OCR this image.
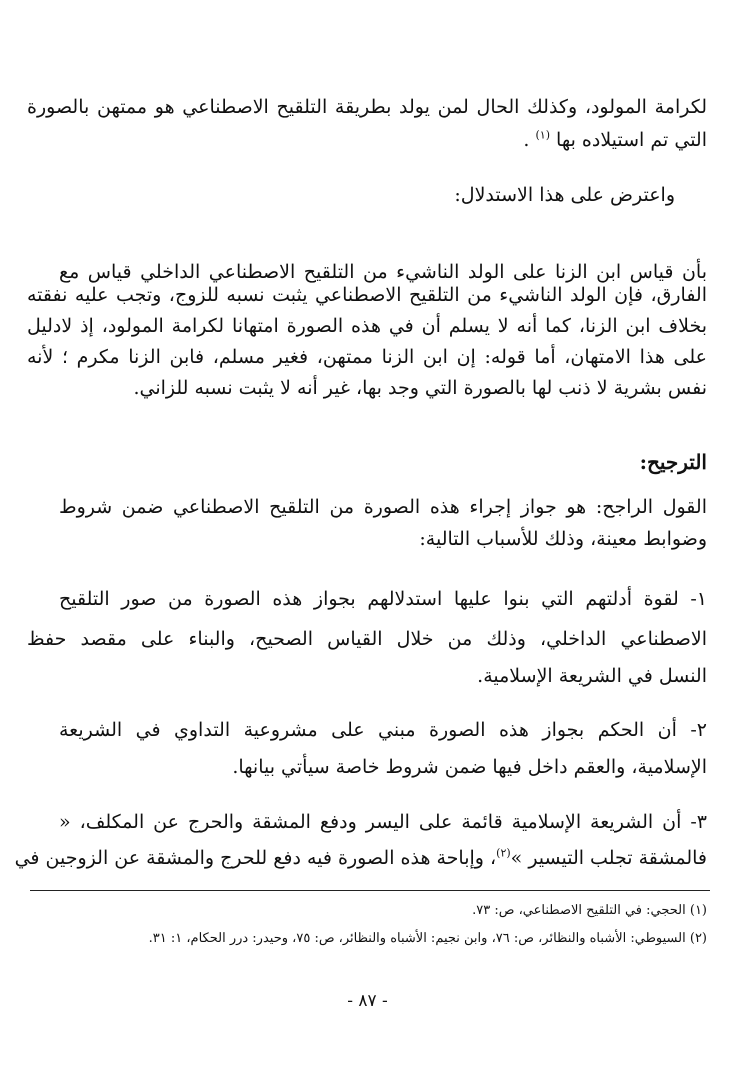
لكرامة المولود، وكذلك الحال لمن يولد بطريقة التلقيح الاصطناعي هو ممتهن بالصورة
التي تم استيلاده بها $^{(١)}$ .
واعترض على هذا الاستدلال:
بأن قياس ابن الزنا على الولد الناشيء من التلقيح الاصطناعي الداخلي قياس مع
الفارق، فإن الولد الناشيء من التلقيح الاصطناعي يثبت نسبه للزوج، وتجب عليه نفقته
بخلاف ابن الزنا، كما أنه لا يسلم أن في هذه الصورة امتهانا لكرامة المولود، إذ لادليل
على هذا الامتهان، أما قوله: إن ابن الزنا ممتهن، فغير مسلم، فابن الزنا مكرم ؛ لأنه
نفس بشرية لا ذنب لها بالصورة التي وجد بها، غير أنه لا يثبت نسبه للزاني.
الترجيح:
القول الراجح: هو جواز إجراء هذه الصورة من التلقيح الاصطناعي ضمن شروط
وضوابط معينة، وذلك للأسباب التالية:
١- لقوة أدلتهم التي بنوا عليها استدلالهم بجواز هذه الصورة من صور التلقيح
الاصطناعي الداخلي، وذلك من خلال القياس الصحيح، والبناء على مقصد حفظ
النسل في الشريعة الإسلامية.
٢- أن الحكم بجواز هذه الصورة مبني على مشروعية التداوي في الشريعة
الإسلامية، والعقم داخل فيها ضمن شروط خاصة سيأتي بيانها.
٣- أن الشريعة الإسلامية قائمة على اليسر ودفع المشقة والحرج عن المكلف، «
فالمشقة تجلب التيسير »$^{(٢)}$، وإباحة هذه الصورة فيه دفع للحرج والمشقة عن الزوجين في
(١) الحجي: في التلقيح الاصطناعي، ص: ٧٣.
(٢) السيوطي: الأشباه والنظائر، ص: ٧٦، وابن نجيم: الأشباه والنظائر، ص: ٧٥، وحيدر: درر الحكام، ١: ٣١.
- ٨٧ -
